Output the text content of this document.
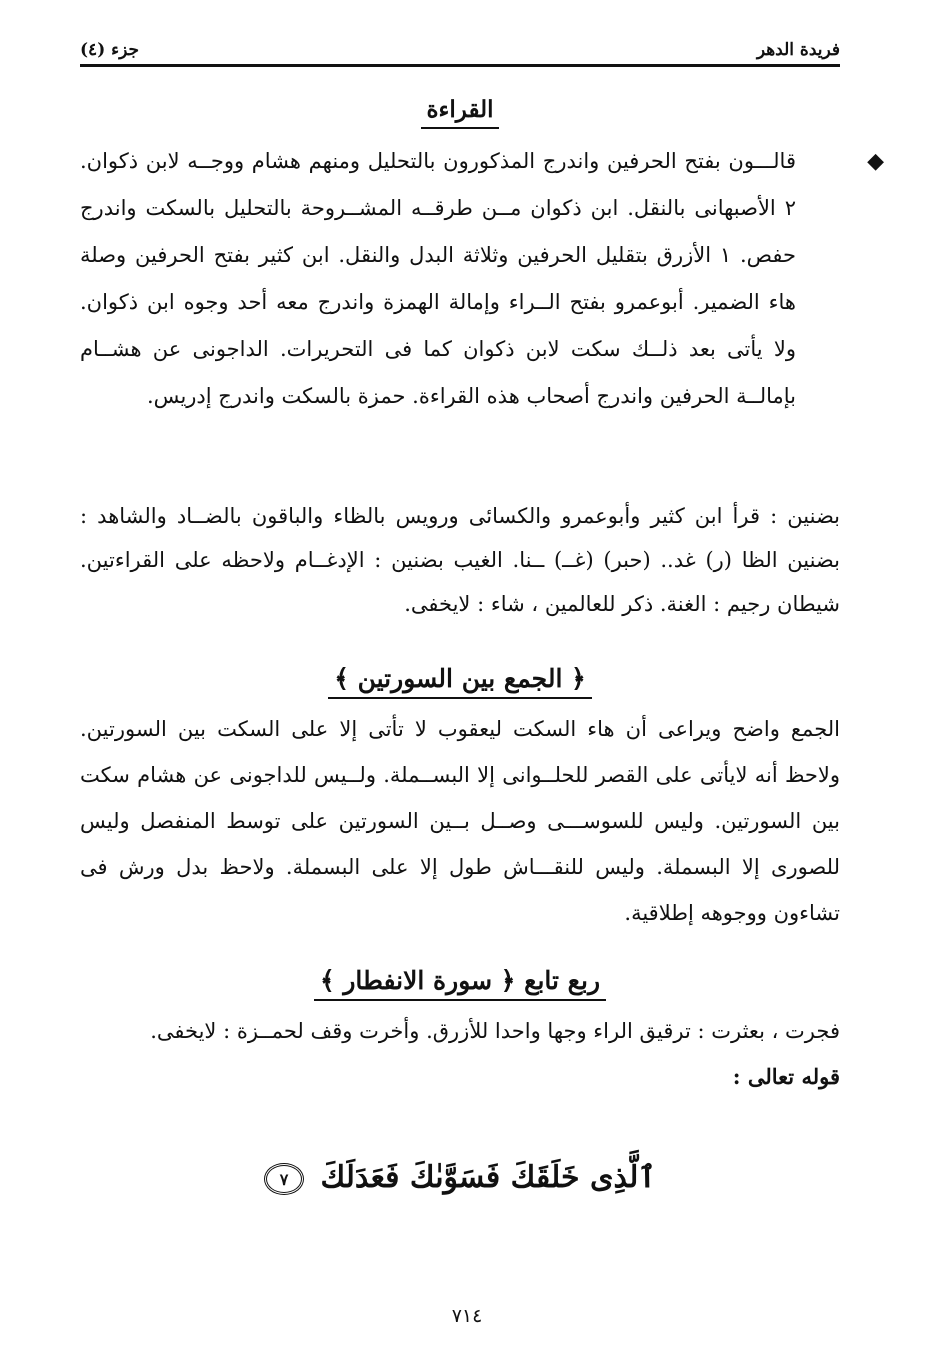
فريدة الدهر
جزء (٤)
القراءة
◆
قالـــون بفتح الحرفين واندرج المذكورون بالتحليل ومنهم هشام ووجــه لابن ذكوان. ٢ الأصبهانى بالنقل. ابن ذكوان مــن طرقــه المشــروحة بالتحليل بالسكت واندرج حفص. ١ الأزرق بتقليل الحرفين وثلاثة البدل والنقل. ابن كثير بفتح الحرفين وصلة هاء الضمير. أبوعمرو بفتح الــراء وإمالة الهمزة واندرج معه أحد وجوه ابن ذكوان. ولا يأتى بعد ذلــك سكت لابن ذكوان كما فى التحريرات. الداجونى عن هشــام بإمالــة الحرفين واندرج أصحاب هذه القراءة. حمزة بالسكت واندرج إدريس.
بضنين : قرأ ابن كثير وأبوعمرو والكسائى ورويس بالظاء والباقون بالضــاد والشاهد : بضنين الظا (ر) غد.. (حبر) (غــ) ــنا. الغيب بضنين : الإدغــام ولاحظه على القراءتين. شيطان رجيم : الغنة. ذكر للعالمين ، شاء : لايخفى.
﴿ الجمع بين السورتين ﴾
الجمع واضح ويراعى أن هاء السكت ليعقوب لا تأتى إلا على السكت بين السورتين. ولاحظ أنه لايأتى على القصر للحلــوانى إلا البســملة. ولــيس للداجونى عن هشام سكت بين السورتين. وليس للسوســـى وصــل بــين السورتين على توسط المنفصل وليس للصورى إلا البسملة. وليس للنقـــاش طول إلا على البسملة. ولاحظ بدل ورش فى تشاءون ووجوهه إطلاقية.
ربع تابع ﴿ سورة الانفطار ﴾
فجرت ، بعثرت : ترقيق الراء وجها واحدا للأزرق. وأخرت وقف لحمــزة : لايخفى.
قوله تعالى :
ٱلَّذِى خَلَقَكَ فَسَوَّىٰكَ فَعَدَلَكَ ٧
٧١٤
